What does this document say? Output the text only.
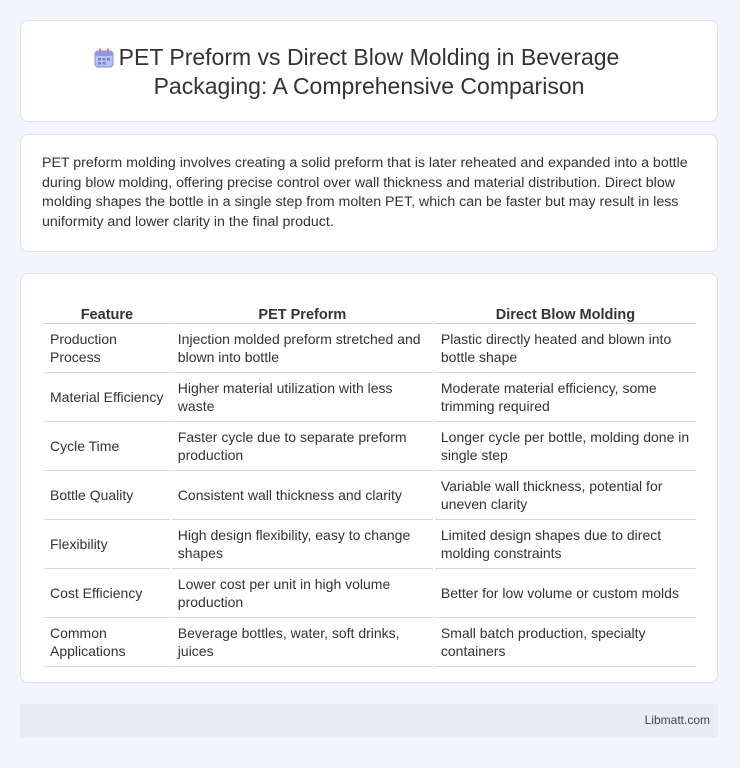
PET Preform vs Direct Blow Molding in Beverage
Packaging: A Comprehensive Comparison
PET preform molding involves creating a solid preform that is later reheated and expanded into a bottle during blow molding, offering precise control over wall thickness and material distribution. Direct blow molding shapes the bottle in a single step from molten PET, which can be faster but may result in less uniformity and lower clarity in the final product.
Feature	PET Preform	Direct Blow Molding
Production Process	Injection molded preform stretched and blown into bottle	Plastic directly heated and blown into bottle shape
Material Efficiency	Higher material utilization with less waste	Moderate material efficiency, some trimming required
Cycle Time	Faster cycle due to separate preform production	Longer cycle per bottle, molding done in single step
Bottle Quality	Consistent wall thickness and clarity	Variable wall thickness, potential for uneven clarity
Flexibility	High design flexibility, easy to change shapes	Limited design shapes due to direct molding constraints
Cost Efficiency	Lower cost per unit in high volume production	Better for low volume or custom molds
Common Applications	Beverage bottles, water, soft drinks, juices	Small batch production, specialty containers
Libmatt.com
